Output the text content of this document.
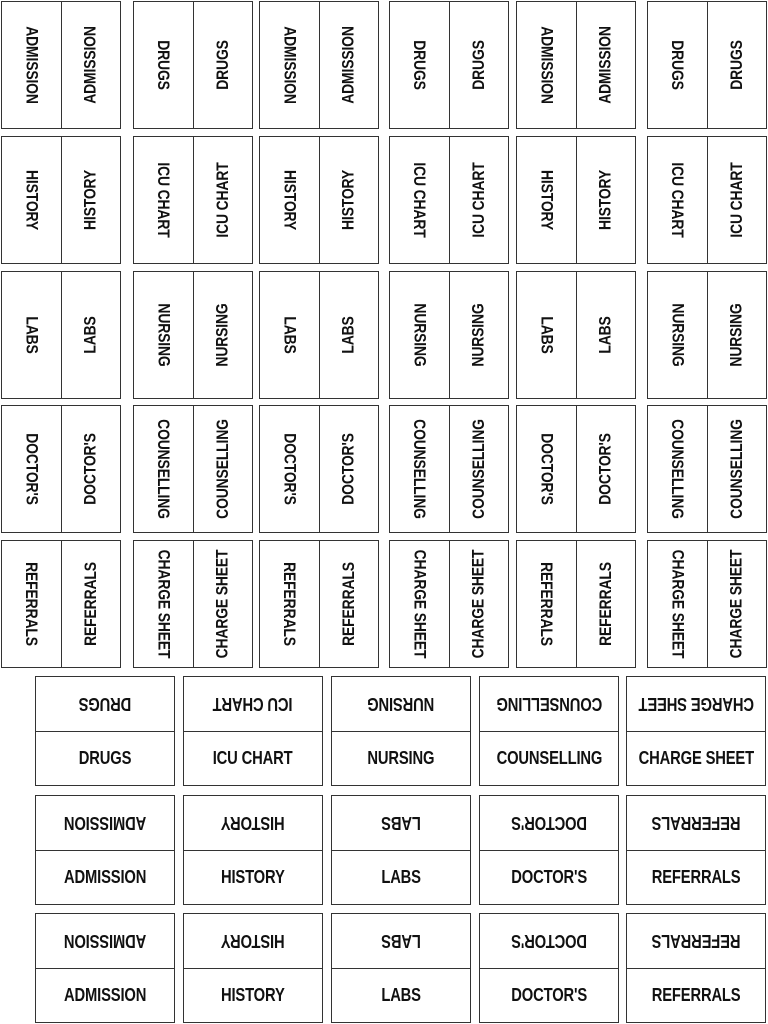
ADMISSION ADMISSION	DRUGS DRUGS	ADMISSION ADMISSION	DRUGS DRUGS	ADMISSION ADMISSION	DRUGS DRUGS
HISTORY HISTORY	ICU CHART ICU CHART	HISTORY HISTORY	ICU CHART ICU CHART	HISTORY HISTORY	ICU CHART ICU CHART
LABS LABS	NURSING NURSING	LABS LABS	NURSING NURSING	LABS LABS	NURSING NURSING
DOCTOR'S DOCTOR'S	COUNSELLING COUNSELLING	DOCTOR'S DOCTOR'S	COUNSELLING COUNSELLING	DOCTOR'S DOCTOR'S	COUNSELLING COUNSELLING
REFERRALS REFERRALS	CHARGE SHEET CHARGE SHEET	REFERRALS REFERRALS	CHARGE SHEET CHARGE SHEET	REFERRALS REFERRALS	CHARGE SHEET CHARGE SHEET
DRUGS
DRUGS
ICU CHART
ICU CHART
NURSING
NURSING
COUNSELLING
COUNSELLING
CHARGE SHEET
CHARGE SHEET
ADMISSION
ADMISSION
HISTORY
HISTORY
LABS
LABS
DOCTOR'S
DOCTOR'S
REFERRALS
REFERRALS
ADMISSION
ADMISSION
HISTORY
HISTORY
LABS
LABS
DOCTOR'S
DOCTOR'S
REFERRALS
REFERRALS
